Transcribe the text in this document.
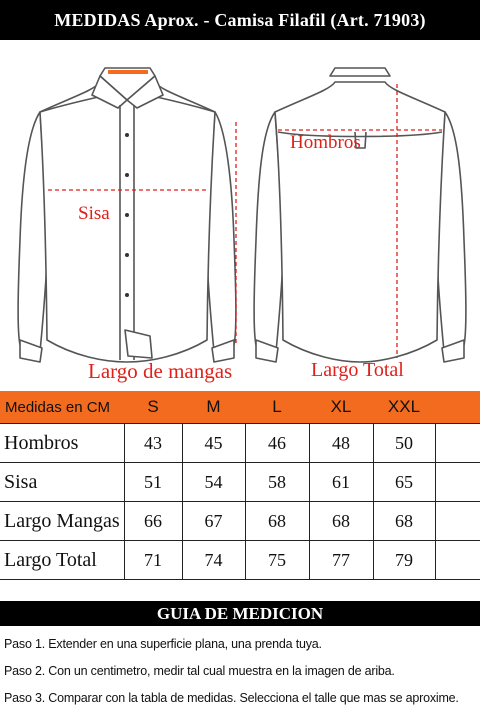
MEDIDAS Aprox. - Camisa Filafil (Art. 71903)
Sisa
Hombros
Largo de mangas	Largo Total
Medidas en CM	S	M	L	XL	XXL	
Hombros	43	45	46	48	50	
Sisa	51	54	58	61	65	
Largo Mangas	66	67	68	68	68	
Largo Total	71	74	75	77	79	
GUIA DE MEDICION
Paso 1. Extender en una superficie plana, una prenda tuya.
Paso 2. Con un centimetro, medir tal cual muestra en la imagen de ariba.
Paso 3. Comparar con la tabla de medidas. Selecciona el talle que mas se aproxime.
